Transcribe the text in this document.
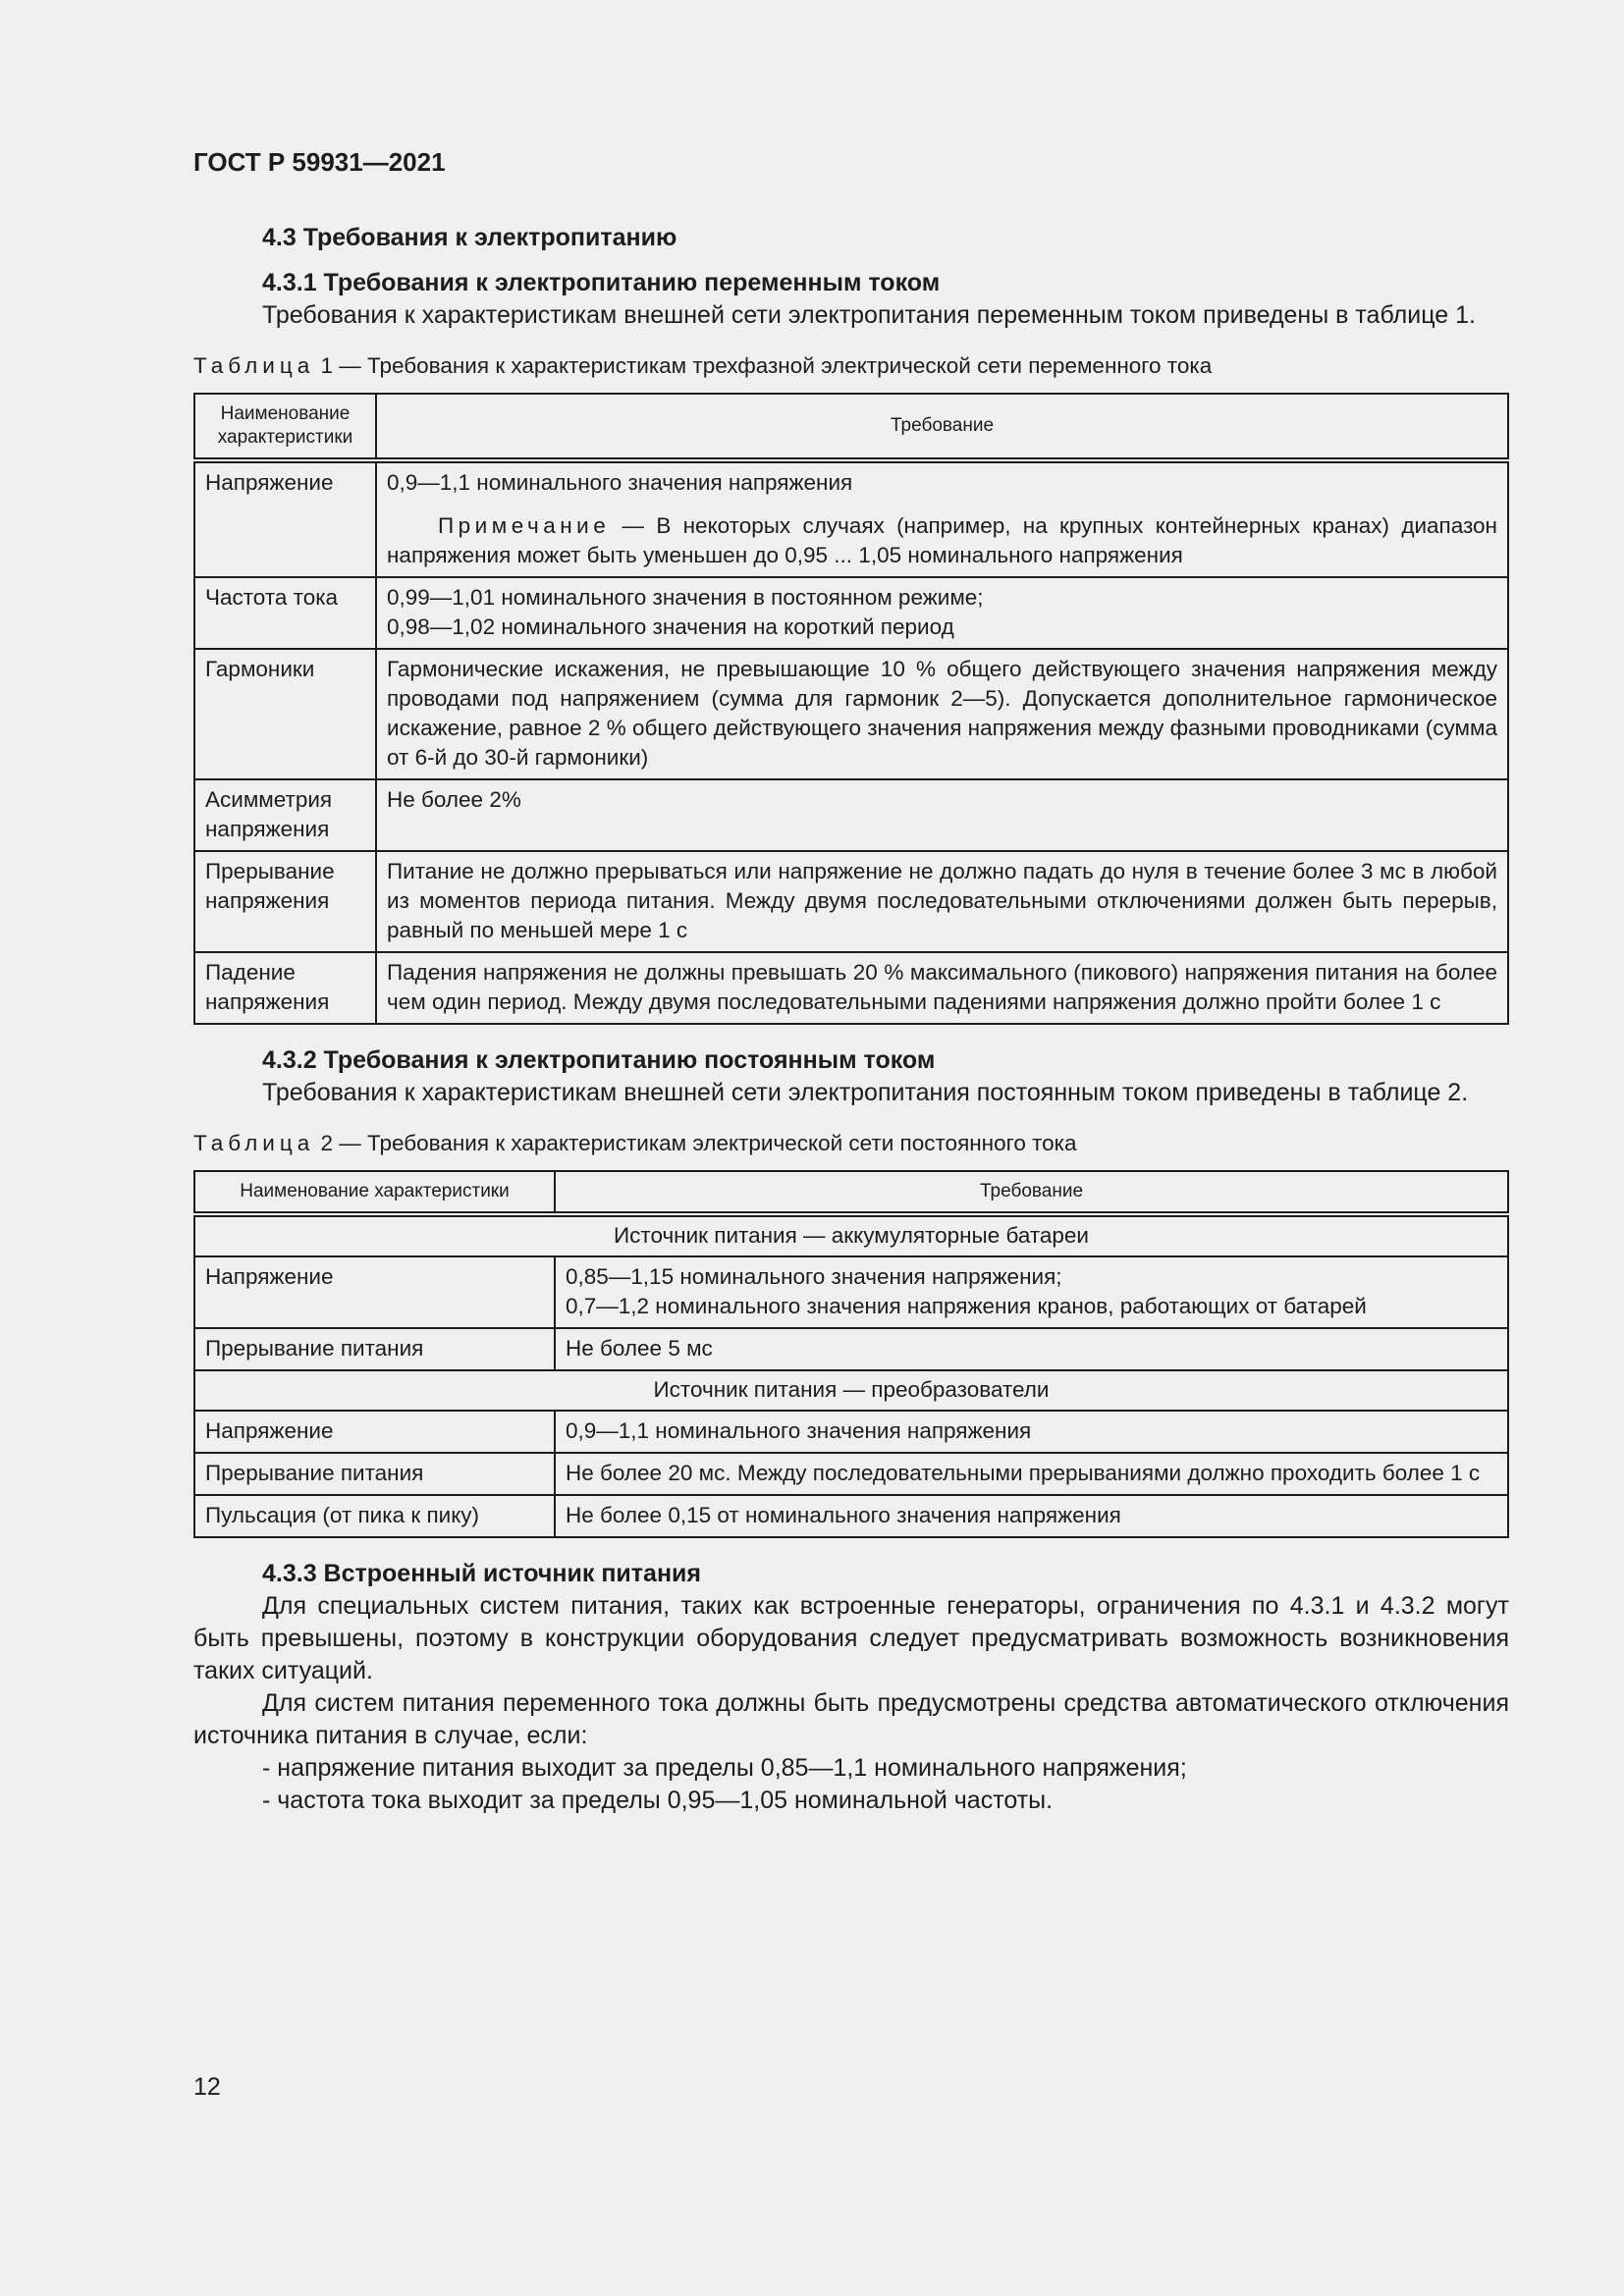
ГОСТ Р 59931—2021

4.3 Требования к электропитанию
4.3.1 Требования к электропитанию переменным током

Требования к характеристикам внешней сети электропитания переменным током приведены в таблице 1.

Таблица 1 — Требования к характеристикам трехфазной электрической сети переменного тока
Наименование характеристики	Требование
Напряжение	0,9—1,1 номинального значения напряжения
Примечание — В некоторых случаях (например, на крупных контейнерных кранах) диапазон напряжения может быть уменьшен до 0,95 ... 1,05 номинального напряжения

Частота тока	0,99—1,01 номинального значения в постоянном режиме;
0,98—1,02 номинального значения на короткий период

Гармоники	Гармонические искажения, не превышающие 10 % общего действующего значения напряжения между проводами под напряжением (сумма для гармоник 2—5). Допускается дополнительное гармоническое искажение, равное 2 % общего действующего значения напряжения между фазными проводниками (сумма от 6-й до 30-й гармоники)
Асимметрия напряжения	Не более 2%
Прерывание напряжения	Питание не должно прерываться или напряжение не должно падать до нуля в течение более 3 мс в любой из моментов периода питания. Между двумя последовательными отключениями должен быть перерыв, равный по меньшей мере 1 с
Падение напряжения	Падения напряжения не должны превышать 20 % максимального (пикового) напряжения питания на более чем один период. Между двумя последовательными падениями напряжения должно пройти более 1 с
4.3.2 Требования к электропитанию постоянным током

Требования к характеристикам внешней сети электропитания постоянным током приведены в таблице 2.

Таблица 2 — Требования к характеристикам электрической сети постоянного тока
Наименование характеристики	Требование
Источник питания — аккумуляторные батареи	
Напряжение	0,85—1,15 номинального значения напряжения;
0,7—1,2 номинального значения напряжения кранов, работающих от батарей

Прерывание питания	Не более 5 мс
Источник питания — преобразователи	
Напряжение	0,9—1,1 номинального значения напряжения
Прерывание питания	Не более 20 мс. Между последовательными прерываниями должно проходить более 1 с
Пульсация (от пика к пику)	Не более 0,15 от номинального значения напряжения
4.3.3 Встроенный источник питания

Для специальных систем питания, таких как встроенные генераторы, ограничения по 4.3.1 и 4.3.2 могут быть превышены, поэтому в конструкции оборудования следует предусматривать возможность возникновения таких ситуаций.

Для систем питания переменного тока должны быть предусмотрены средства автоматического отключения источника питания в случае, если:

- напряжение питания выходит за пределы 0,85—1,1 номинального напряжения;

- частота тока выходит за пределы 0,95—1,05 номинальной частоты.

12
